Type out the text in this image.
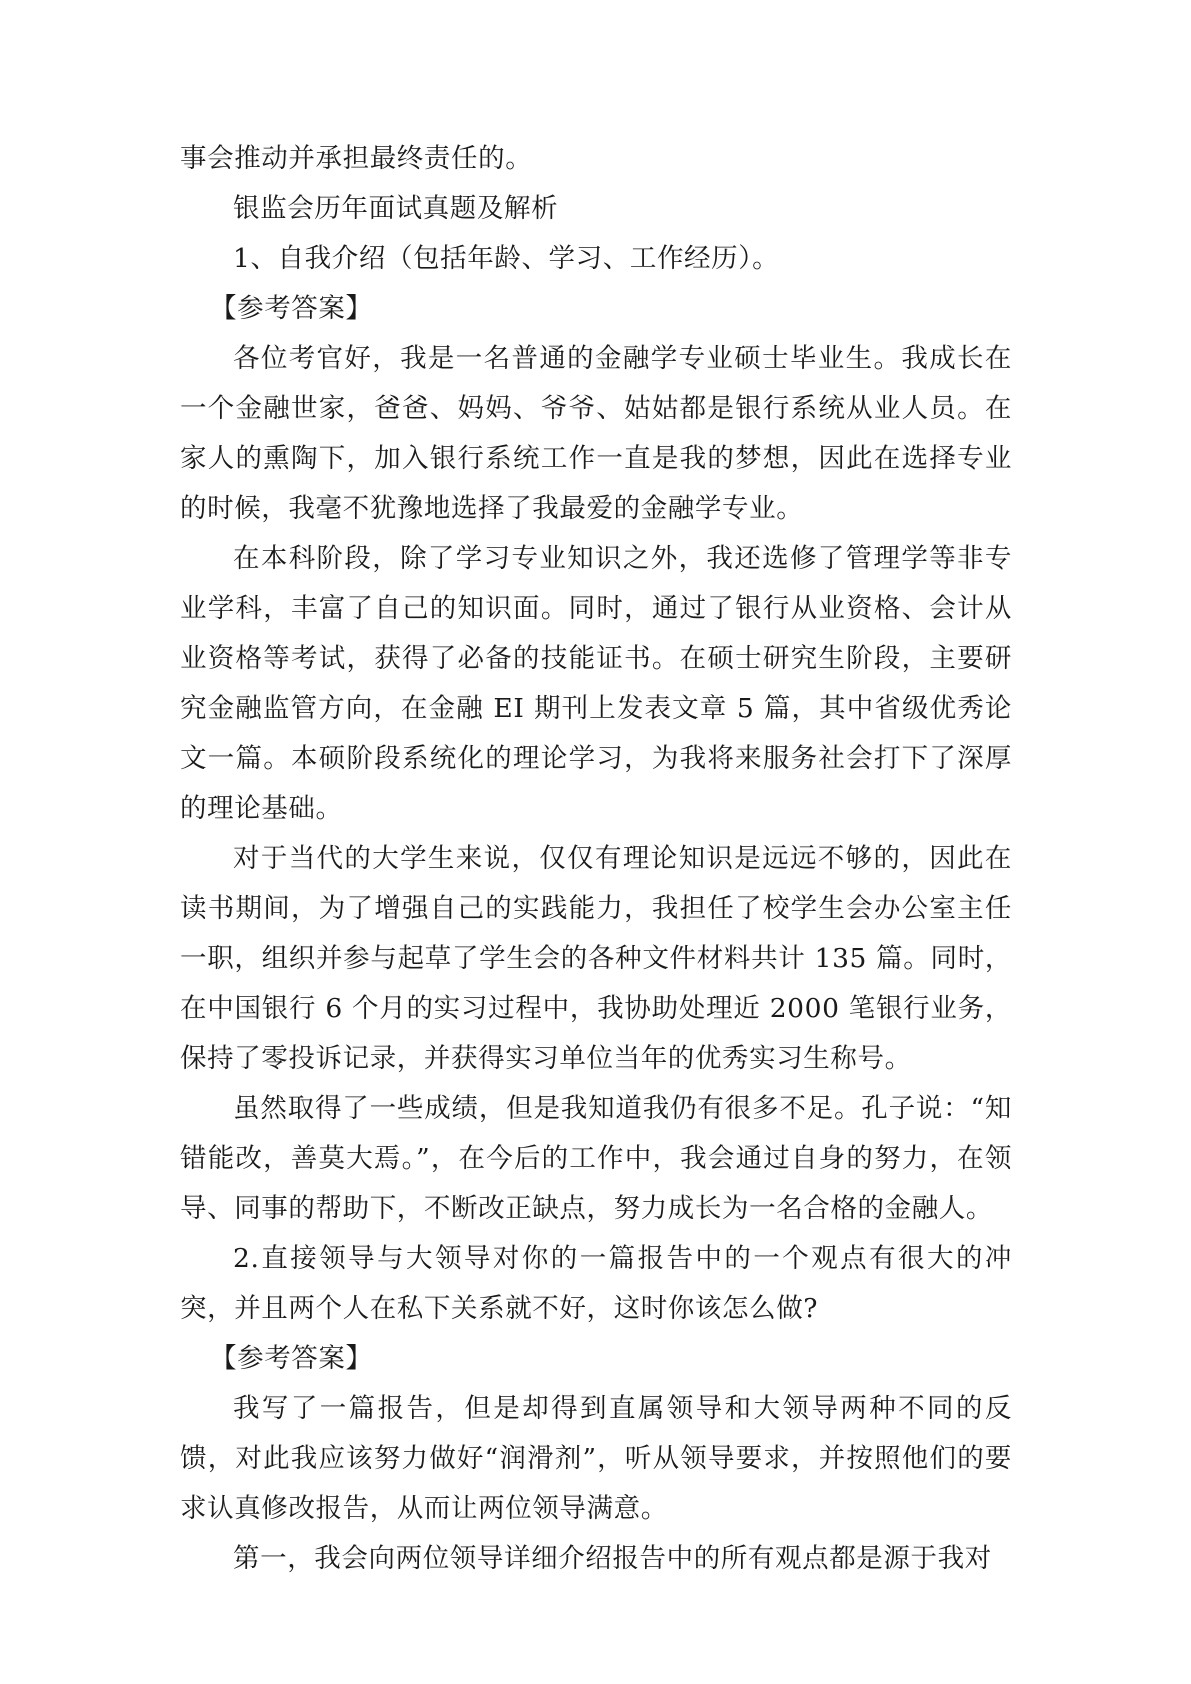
事会推动并承担最终责任的。

银监会历年面试真题及解析

1、自我介绍（包括年龄、学习、工作经历）。

【参考答案】

各位考官好，我是一名普通的金融学专业硕士毕业生。我成长在一个金融世家，爸爸、妈妈、爷爷、姑姑都是银行系统从业人员。在家人的熏陶下，加入银行系统工作一直是我的梦想，因此在选择专业的时候，我毫不犹豫地选择了我最爱的金融学专业。

在本科阶段，除了学习专业知识之外，我还选修了管理学等非专业学科，丰富了自己的知识面。同时，通过了银行从业资格、会计从业资格等考试，获得了必备的技能证书。在硕士研究生阶段，主要研究金融监管方向，在金融 EI 期刊上发表文章 5 篇，其中省级优秀论文一篇。本硕阶段系统化的理论学习，为我将来服务社会打下了深厚的理论基础。

对于当代的大学生来说，仅仅有理论知识是远远不够的，因此在读书期间，为了增强自己的实践能力，我担任了校学生会办公室主任一职，组织并参与起草了学生会的各种文件材料共计 135 篇。同时，在中国银行 6 个月的实习过程中，我协助处理近 2000 笔银行业务，保持了零投诉记录，并获得实习单位当年的优秀实习生称号。

虽然取得了一些成绩，但是我知道我仍有很多不足。孔子说：“知错能改，善莫大焉。”，在今后的工作中，我会通过自身的努力，在领导、同事的帮助下，不断改正缺点，努力成长为一名合格的金融人。

2.直接领导与大领导对你的一篇报告中的一个观点有很大的冲突，并且两个人在私下关系就不好，这时你该怎么做?

【参考答案】

我写了一篇报告，但是却得到直属领导和大领导两种不同的反馈，对此我应该努力做好“润滑剂”，听从领导要求，并按照他们的要求认真修改报告，从而让两位领导满意。

第一，我会向两位领导详细介绍报告中的所有观点都是源于我对
